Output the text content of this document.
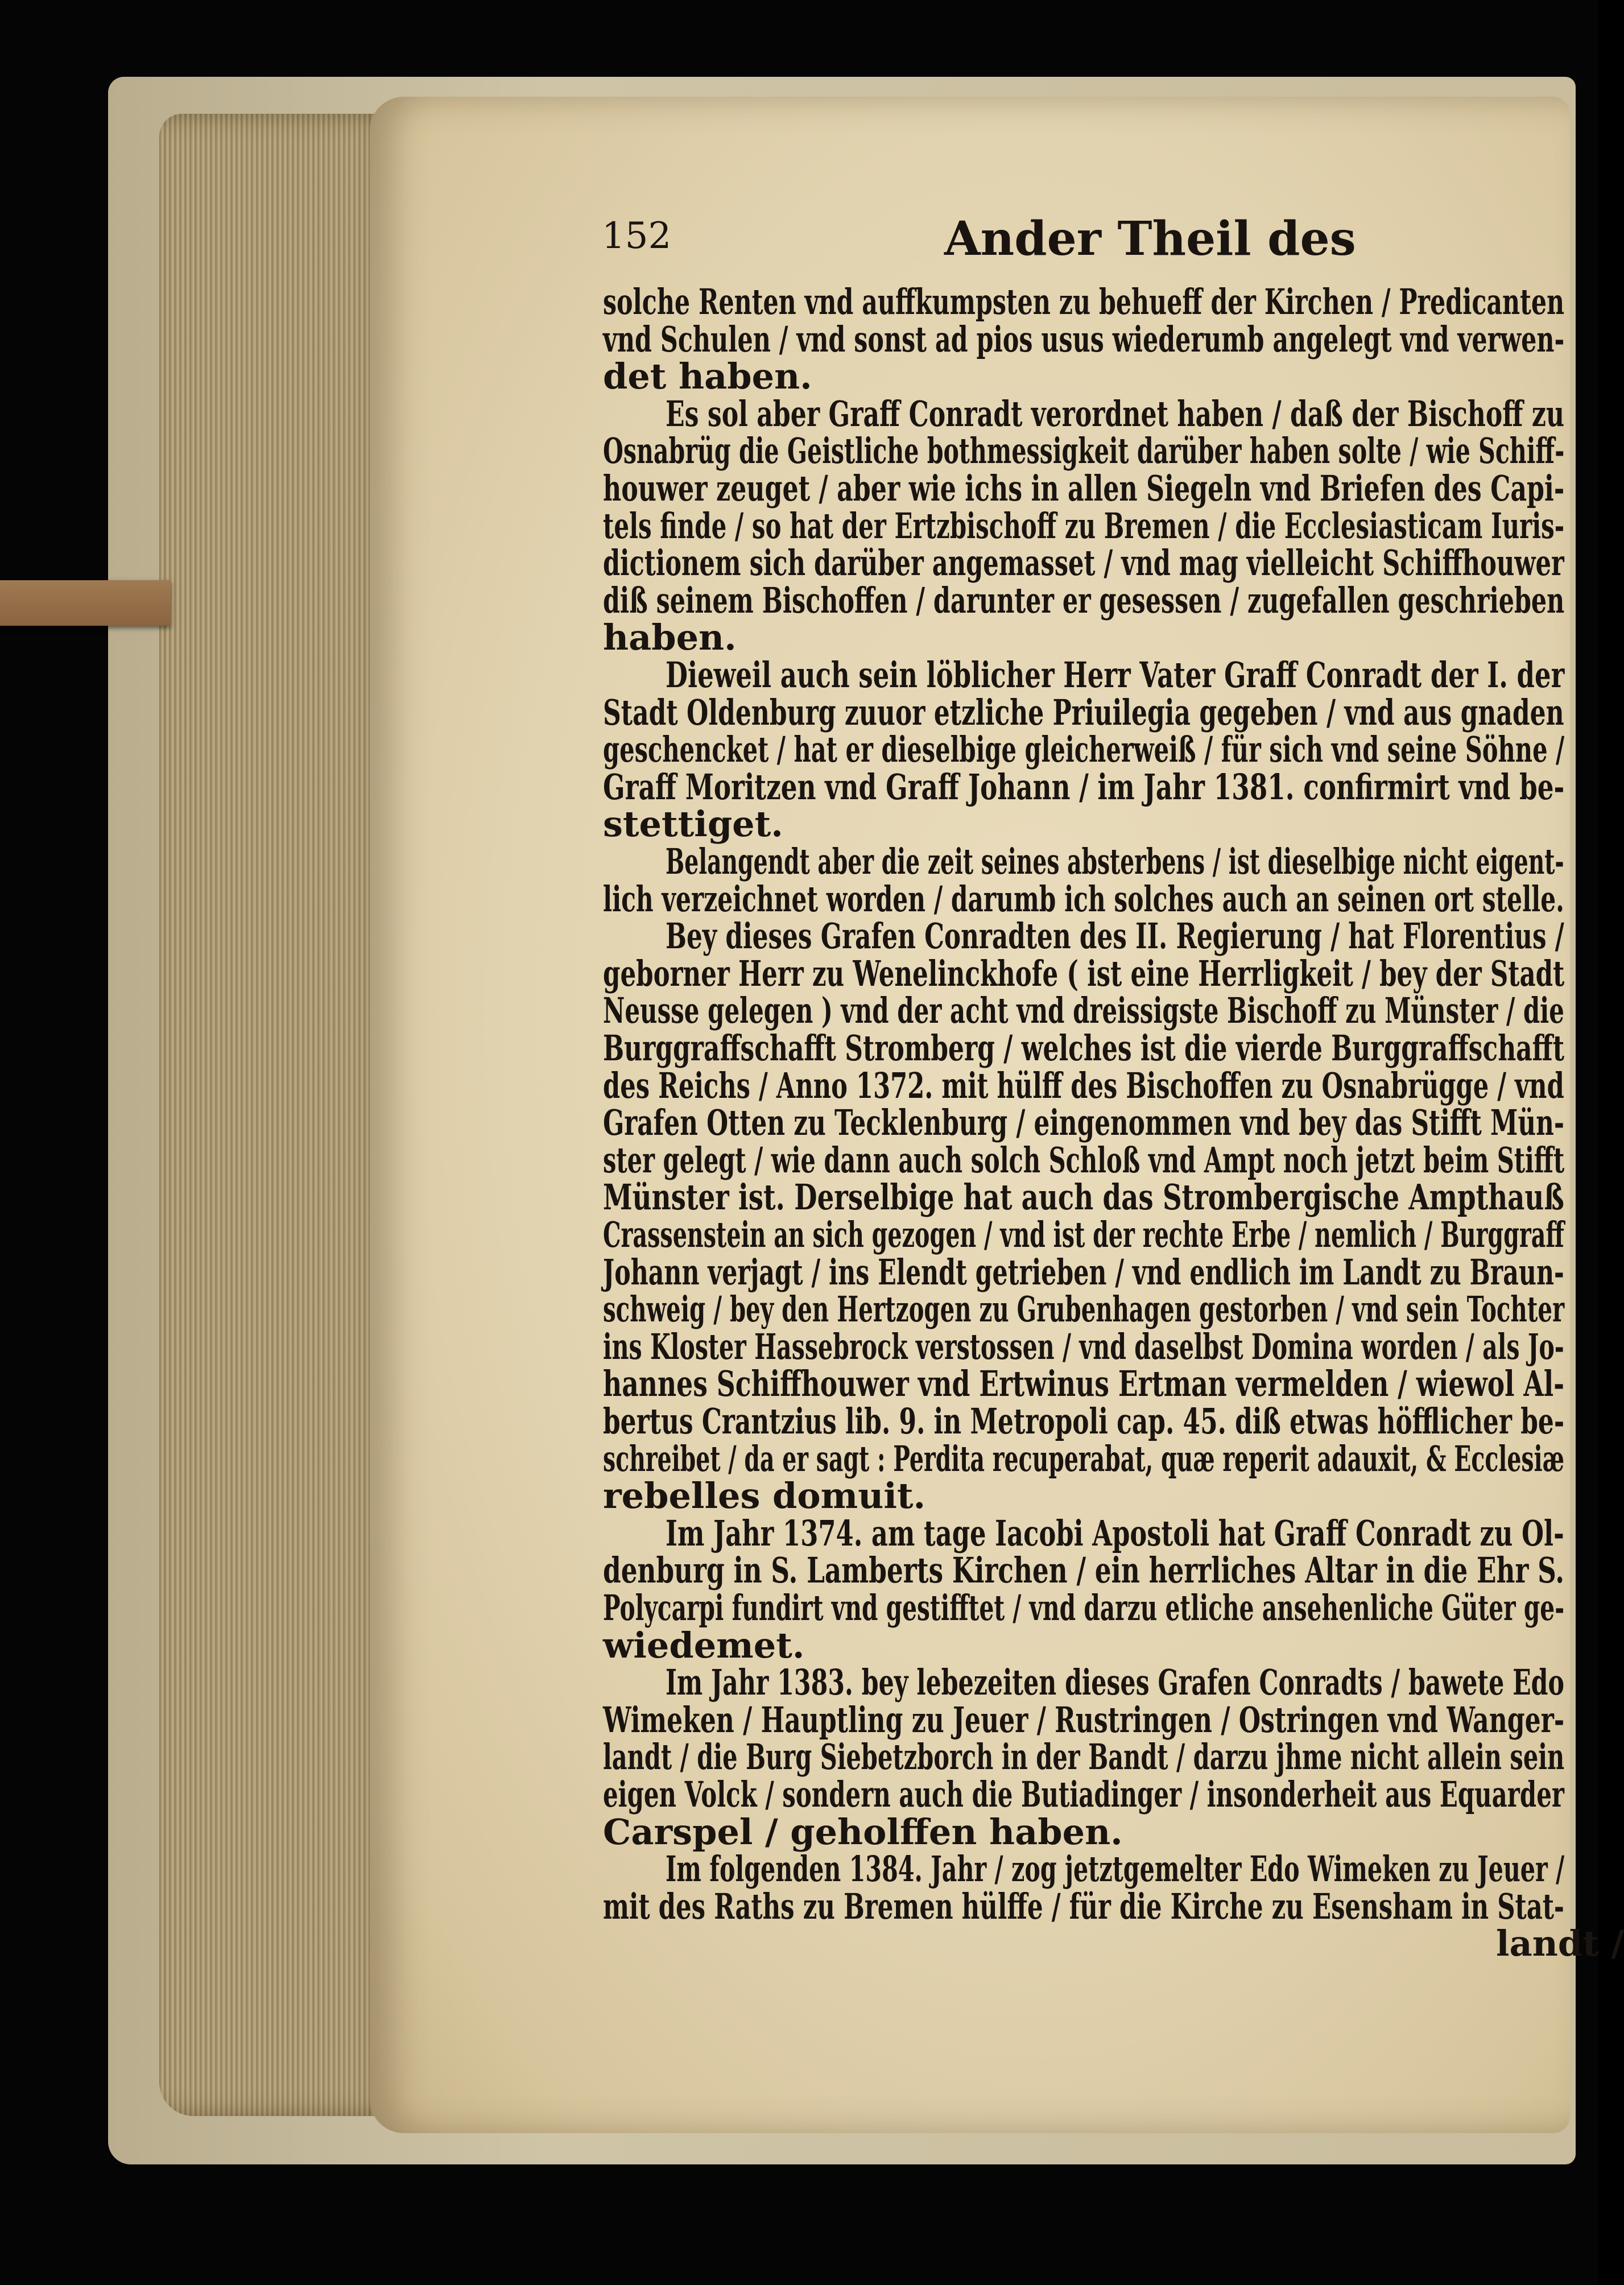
152	Ander Theil des
solche Renten vnd auffkumpsten zu behueff der Kirchen / Predicanten
vnd Schulen / vnd sonst ad pios usus wiederumb angelegt vnd verwen-
det haben.
Es sol aber Graff Conradt verordnet haben / daß der Bischoff zu
Osnabrüg die Geistliche bothmessigkeit darüber haben solte / wie Schiff-
houwer zeuget / aber wie ichs in allen Siegeln vnd Briefen des Capi-
tels finde / so hat der Ertzbischoff zu Bremen / die Ecclesiasticam Iuris-
dictionem sich darüber angemasset / vnd mag vielleicht Schiffhouwer
diß seinem Bischoffen / darunter er gesessen / zugefallen geschrieben
haben.
Dieweil auch sein löblicher Herr Vater Graff Conradt der I. der
Stadt Oldenburg zuuor etzliche Priuilegia gegeben / vnd aus gnaden
geschencket / hat er dieselbige gleicherweiß / für sich vnd seine Söhne /
Graff Moritzen vnd Graff Johann / im Jahr 1381. confirmirt vnd be-
stettiget.
Belangendt aber die zeit seines absterbens / ist dieselbige nicht eigent-
lich verzeichnet worden / darumb ich solches auch an seinen ort stelle.
Bey dieses Grafen Conradten des II. Regierung / hat Florentius /
geborner Herr zu Wenelinckhofe ( ist eine Herrligkeit / bey der Stadt
Neusse gelegen ) vnd der acht vnd dreissigste Bischoff zu Münster / die
Burggraffschafft Stromberg / welches ist die vierde Burggraffschafft
des Reichs / Anno 1372. mit hülff des Bischoffen zu Osnabrügge / vnd
Grafen Otten zu Tecklenburg / eingenommen vnd bey das Stifft Mün-
ster gelegt / wie dann auch solch Schloß vnd Ampt noch jetzt beim Stifft
Münster ist. Derselbige hat auch das Strombergische Ampthauß
Crassenstein an sich gezogen / vnd ist der rechte Erbe / nemlich / Burggraff
Johann verjagt / ins Elendt getrieben / vnd endlich im Landt zu Braun-
schweig / bey den Hertzogen zu Grubenhagen gestorben / vnd sein Tochter
ins Kloster Hassebrock verstossen / vnd daselbst Domina worden / als Jo-
hannes Schiffhouwer vnd Ertwinus Ertman vermelden / wiewol Al-
bertus Crantzius lib. 9. in Metropoli cap. 45. diß etwas höfflicher be-
schreibet / da er sagt : Perdita recuperabat, quæ reperit adauxit, & Ecclesiæ
rebelles domuit.
Im Jahr 1374. am tage Iacobi Apostoli hat Graff Conradt zu Ol-
denburg in S. Lamberts Kirchen / ein herrliches Altar in die Ehr S.
Polycarpi fundirt vnd gestifftet / vnd darzu etliche ansehenliche Güter ge-
wiedemet.
Im Jahr 1383. bey lebezeiten dieses Grafen Conradts / bawete Edo
Wimeken / Hauptling zu Jeuer / Rustringen / Ostringen vnd Wanger-
landt / die Burg Siebetzborch in der Bandt / darzu jhme nicht allein sein
eigen Volck / sondern auch die Butiadinger / insonderheit aus Equarder
Carspel / geholffen haben.
Im folgenden 1384. Jahr / zog jetztgemelter Edo Wimeken zu Jeuer /
mit des Raths zu Bremen hülffe / für die Kirche zu Esensham in Stat-
landt /
